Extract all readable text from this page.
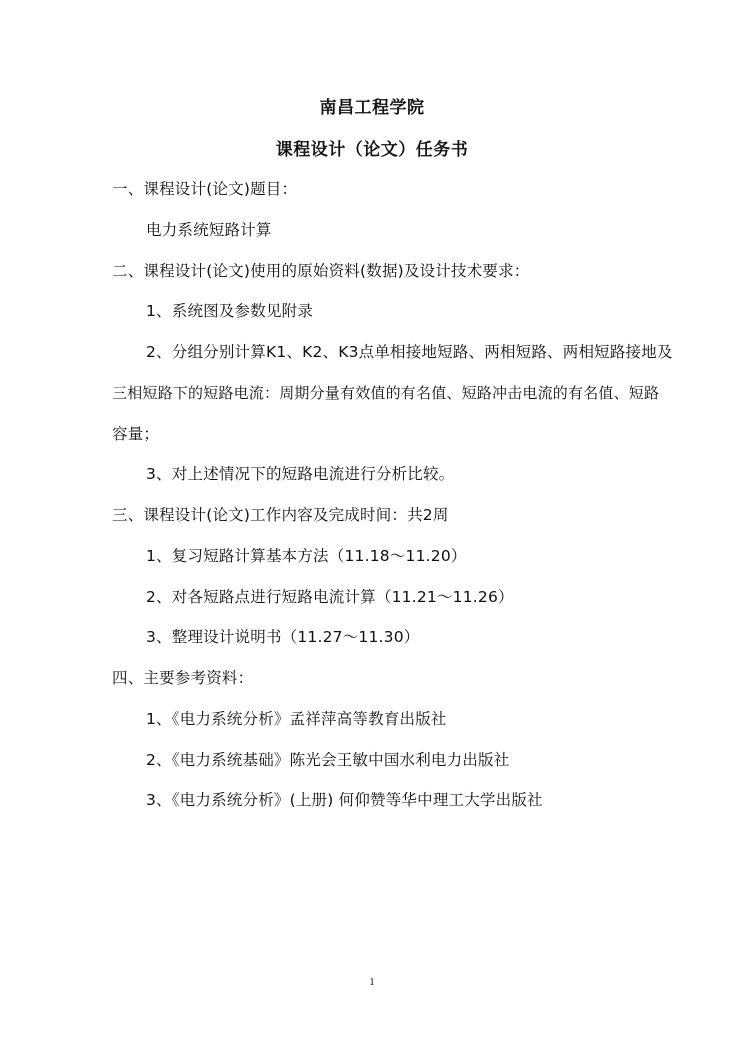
南昌工程学院
课程设计（论文）任务书
一、课程设计(论文)题目：
电力系统短路计算
二、课程设计(论文)使用的原始资料(数据)及设计技术要求：
1、系统图及参数见附录
2、分组分别计算K1、K2、K3点单相接地短路、两相短路、两相短路接地及
三相短路下的短路电流：周期分量有效值的有名值、短路冲击电流的有名值、短路
容量；
3、对上述情况下的短路电流进行分析比较。
三、课程设计(论文)工作内容及完成时间：共2周
1、复习短路计算基本方法（11.18～11.20）
2、对各短路点进行短路电流计算（11.21～11.26）
3、整理设计说明书（11.27～11.30）
四、主要参考资料：
1、《电力系统分析》孟祥萍高等教育出版社
2、《电力系统基础》陈光会王敏中国水利电力出版社
3、《电力系统分析》(上册) 何仰赞等华中理工大学出版社
1
